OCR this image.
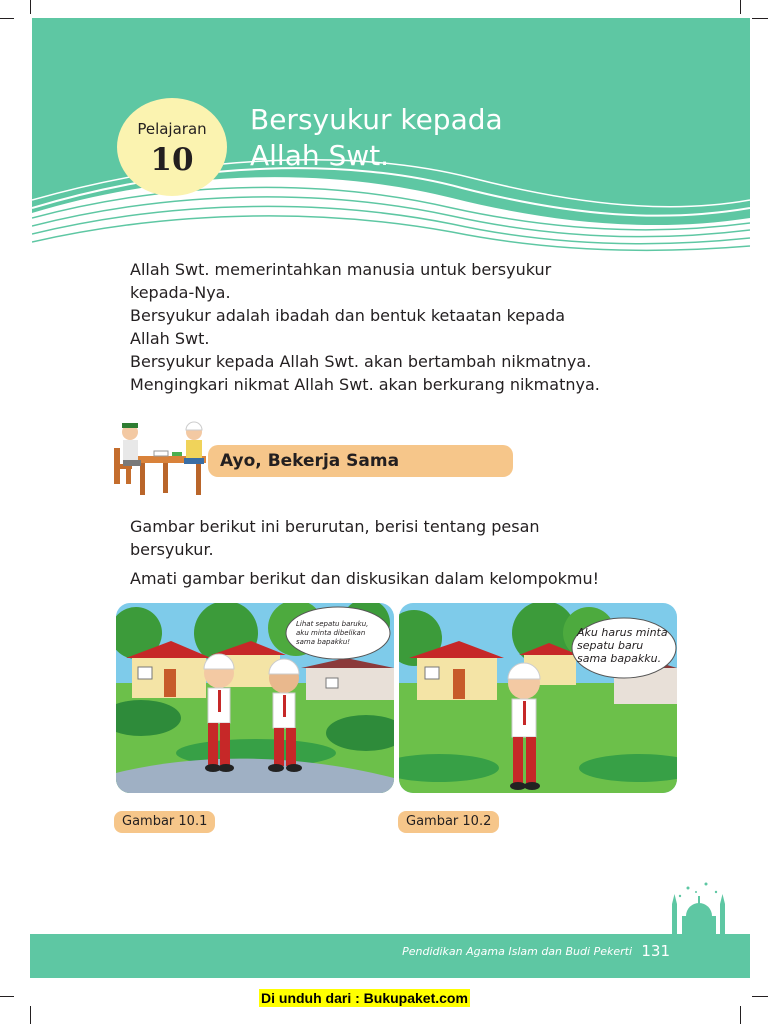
Pelajaran
10
Bersyukur kepada
Allah Swt.

Allah Swt. memerintahkan manusia untuk bersyukur

kepada-Nya.

Bersyukur adalah ibadah dan bentuk ketaatan kepada

Allah Swt.

Bersyukur kepada Allah Swt. akan bertambah nikmatnya.

Mengingkari nikmat Allah Swt. akan berkurang nikmatnya.

Ayo, Bekerja Sama

Gambar berikut ini berurutan, berisi tentang pesan
bersyukur.

Amati gambar berikut dan diskusikan dalam kelompokmu!

Lihat sepatu baruku,
aku minta dibelikan
sama bapakku!
Aku harus minta
sepatu baru
sama bapakku.
Gambar 10.1	Gambar 10.2
Pendidikan Agama Islam dan Budi Pekerti 131
Di unduh dari : Bukupaket.com
